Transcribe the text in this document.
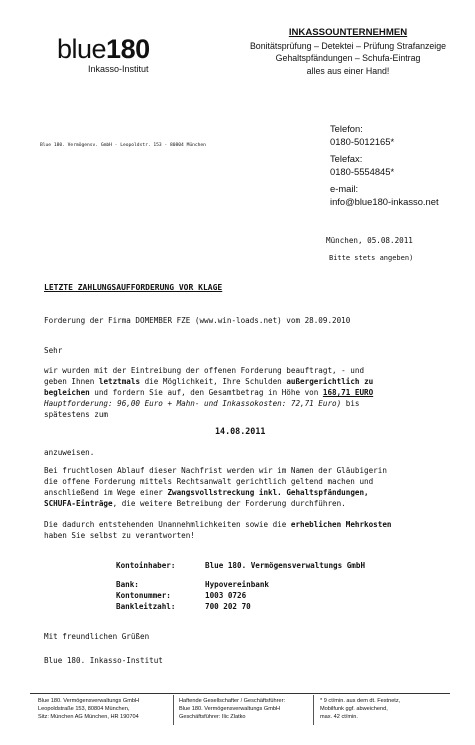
blue180
Inkasso-Institut
INKASSOUNTERNEHMEN
Bonitätsprüfung – Detektei – Prüfung Strafanzeige
Gehaltspfändungen – Schufa-Eintrag
alles aus einer Hand!
Blue 180. Vermögensv. GmbH · Leopoldstr. 153 · 80804 München
Telefon:
0180-5012165*
Telefax:
0180-5554845*
e-mail:
info@blue180-inkasso.net
München, 05.08.2011
Bitte stets angeben)
LETZTE ZAHLUNGSAUFFORDERUNG VOR KLAGE
Forderung der Firma DOMEMBER FZE (www.win-loads.net) vom 28.09.2010
Sehr
wir wurden mit der Eintreibung der offenen Forderung beauftragt, - und
geben Ihnen letztmals die Möglichkeit, Ihre Schulden außergerichtlich zu
begleichen und fordern Sie auf, den Gesamtbetrag in Höhe von 168,71 EURO
Hauptforderung: 96,00 Euro + Mahn- und Inkassokosten: 72,71 Euro) bis
spätestens zum
14.08.2011
anzuweisen.
Bei fruchtlosen Ablauf dieser Nachfrist werden wir im Namen der Gläubigerin
die offene Forderung mittels Rechtsanwalt gerichtlich geltend machen und
anschließend im Wege einer Zwangsvollstreckung inkl. Gehaltspfändungen,
SCHUFA-Einträge, die weitere Betreibung der Forderung durchführen.
Die dadurch entstehenden Unannehmlichkeiten sowie die erheblichen Mehrkosten
haben Sie selbst zu verantworten!
Kontoinhaber:	Blue 180. Vermögensverwaltungs GmbH
Bank:	Hypovereinbank
Kontonummer:	1003 0726
Bankleitzahl:	700 202 70
Mit freundlichen Grüßen
Blue 180. Inkasso-Institut
Blue 180. Vermögensverwaltungs GmbH
Leopoldstraße 153, 80804 München,
Sitz: München AG München, HR 190704
Haftende Gesellschafter / Geschäftsführer:
Blue 180. Vermögensverwaltungs GmbH
Geschäftsführer: Ilic Zlatko
* 9 ct/min. aus dem dt. Festnetz,
Mobilfunk ggf. abweichend,
max. 42 ct/min.
